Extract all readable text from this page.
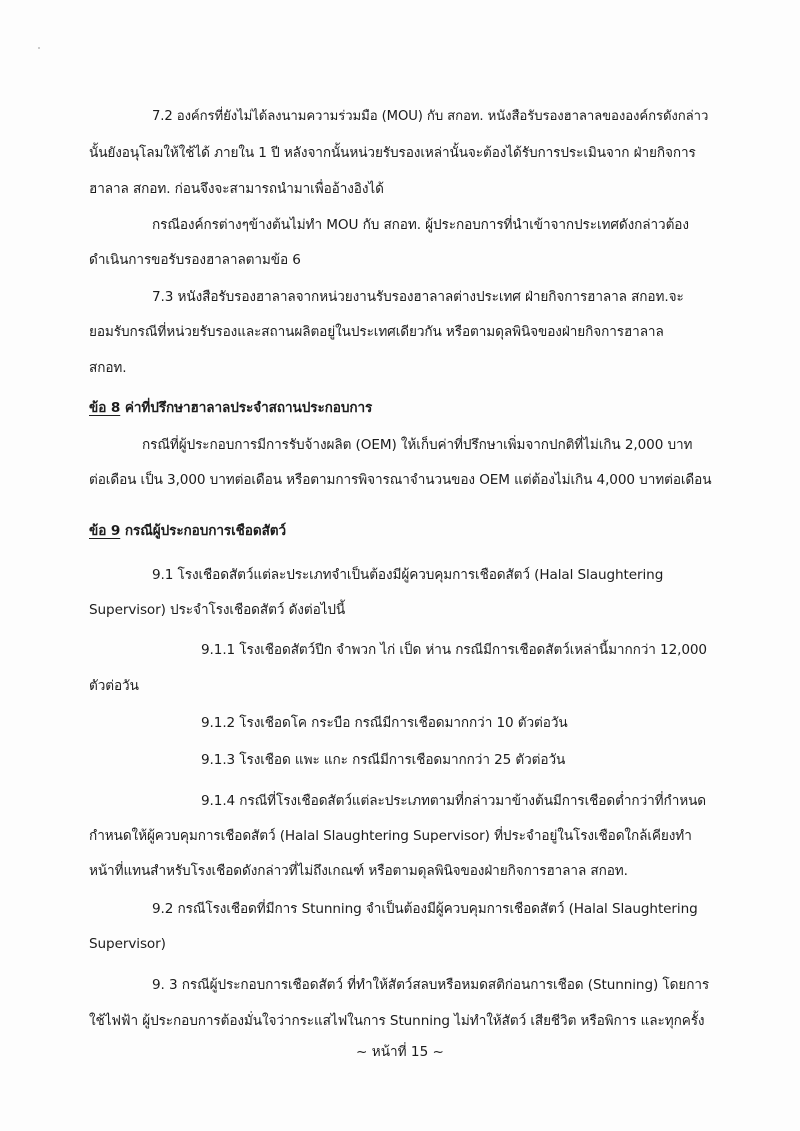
7.2 องค์กรที่ยังไม่ได้ลงนามความร่วมมือ (MOU) กับ สกอท. หนังสือรับรองฮาลาลขององค์กรดังกล่าว
นั้นยังอนุโลมให้ใช้ได้ ภายใน 1 ปี หลังจากนั้นหน่วยรับรองเหล่านั้นจะต้องได้รับการประเมินจาก ฝ่ายกิจการ
ฮาลาล สกอท. ก่อนจึงจะสามารถนำมาเพื่ออ้างอิงได้
กรณีองค์กรต่างๆข้างต้นไม่ทำ MOU กับ สกอท. ผู้ประกอบการที่นำเข้าจากประเทศดังกล่าวต้อง
ดำเนินการขอรับรองฮาลาลตามข้อ 6
7.3 หนังสือรับรองฮาลาลจากหน่วยงานรับรองฮาลาลต่างประเทศ ฝ่ายกิจการฮาลาล สกอท.จะ
ยอมรับกรณีที่หน่วยรับรองและสถานผลิตอยู่ในประเทศเดียวกัน หรือตามดุลพินิจของฝ่ายกิจการฮาลาล
สกอท.
ข้อ 8 ค่าที่ปรึกษาฮาลาลประจำสถานประกอบการ
กรณีที่ผู้ประกอบการมีการรับจ้างผลิต (OEM) ให้เก็บค่าที่ปรึกษาเพิ่มจากปกติที่ไม่เกิน 2,000 บาท
ต่อเดือน เป็น 3,000 บาทต่อเดือน หรือตามการพิจารณาจำนวนของ OEM แต่ต้องไม่เกิน 4,000 บาทต่อเดือน
ข้อ 9 กรณีผู้ประกอบการเชือดสัตว์
9.1 โรงเชือดสัตว์แต่ละประเภทจำเป็นต้องมีผู้ควบคุมการเชือดสัตว์ (Halal Slaughtering
Supervisor) ประจำโรงเชือดสัตว์ ดังต่อไปนี้
9.1.1 โรงเชือดสัตว์ปีก จำพวก ไก่ เป็ด ห่าน กรณีมีการเชือดสัตว์เหล่านี้มากกว่า 12,000
ตัวต่อวัน
9.1.2 โรงเชือดโค กระบือ กรณีมีการเชือดมากกว่า 10 ตัวต่อวัน
9.1.3 โรงเชือด แพะ แกะ กรณีมีการเชือดมากกว่า 25 ตัวต่อวัน
9.1.4 กรณีที่โรงเชือดสัตว์แต่ละประเภทตามที่กล่าวมาข้างต้นมีการเชือดต่ำกว่าที่กำหนด
กำหนดให้ผู้ควบคุมการเชือดสัตว์ (Halal Slaughtering Supervisor) ที่ประจำอยู่ในโรงเชือดใกล้เคียงทำ
หน้าที่แทนสำหรับโรงเชือดดังกล่าวที่ไม่ถึงเกณฑ์ หรือตามดุลพินิจของฝ่ายกิจการฮาลาล สกอท.
9.2 กรณีโรงเชือดที่มีการ Stunning จำเป็นต้องมีผู้ควบคุมการเชือดสัตว์ (Halal Slaughtering
Supervisor)
9. 3 กรณีผู้ประกอบการเชือดสัตว์ ที่ทำให้สัตว์สลบหรือหมดสติก่อนการเชือด (Stunning) โดยการ
ใช้ไฟฟ้า ผู้ประกอบการต้องมั่นใจว่ากระแสไฟในการ Stunning ไม่ทำให้สัตว์ เสียชีวิต หรือพิการ และทุกครั้ง
~ หน้าที่ 15 ~
